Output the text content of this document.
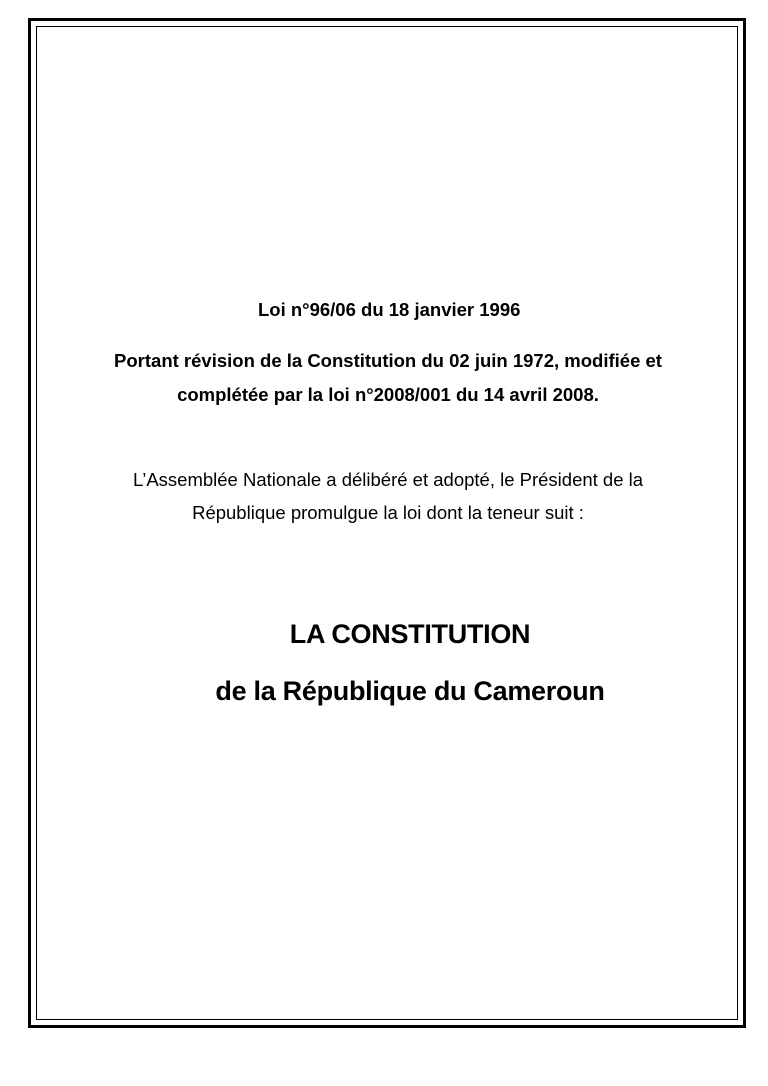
Loi n°96/06 du 18 janvier 1996

Portant révision de la Constitution du 02 juin 1972, modifiée et
complétée par la loi n°2008/001 du 14 avril 2008.

L’Assemblée Nationale a délibéré et adopté, le Président de la
République promulgue la loi dont la teneur suit :

LA CONSTITUTION

de la République du Cameroun
